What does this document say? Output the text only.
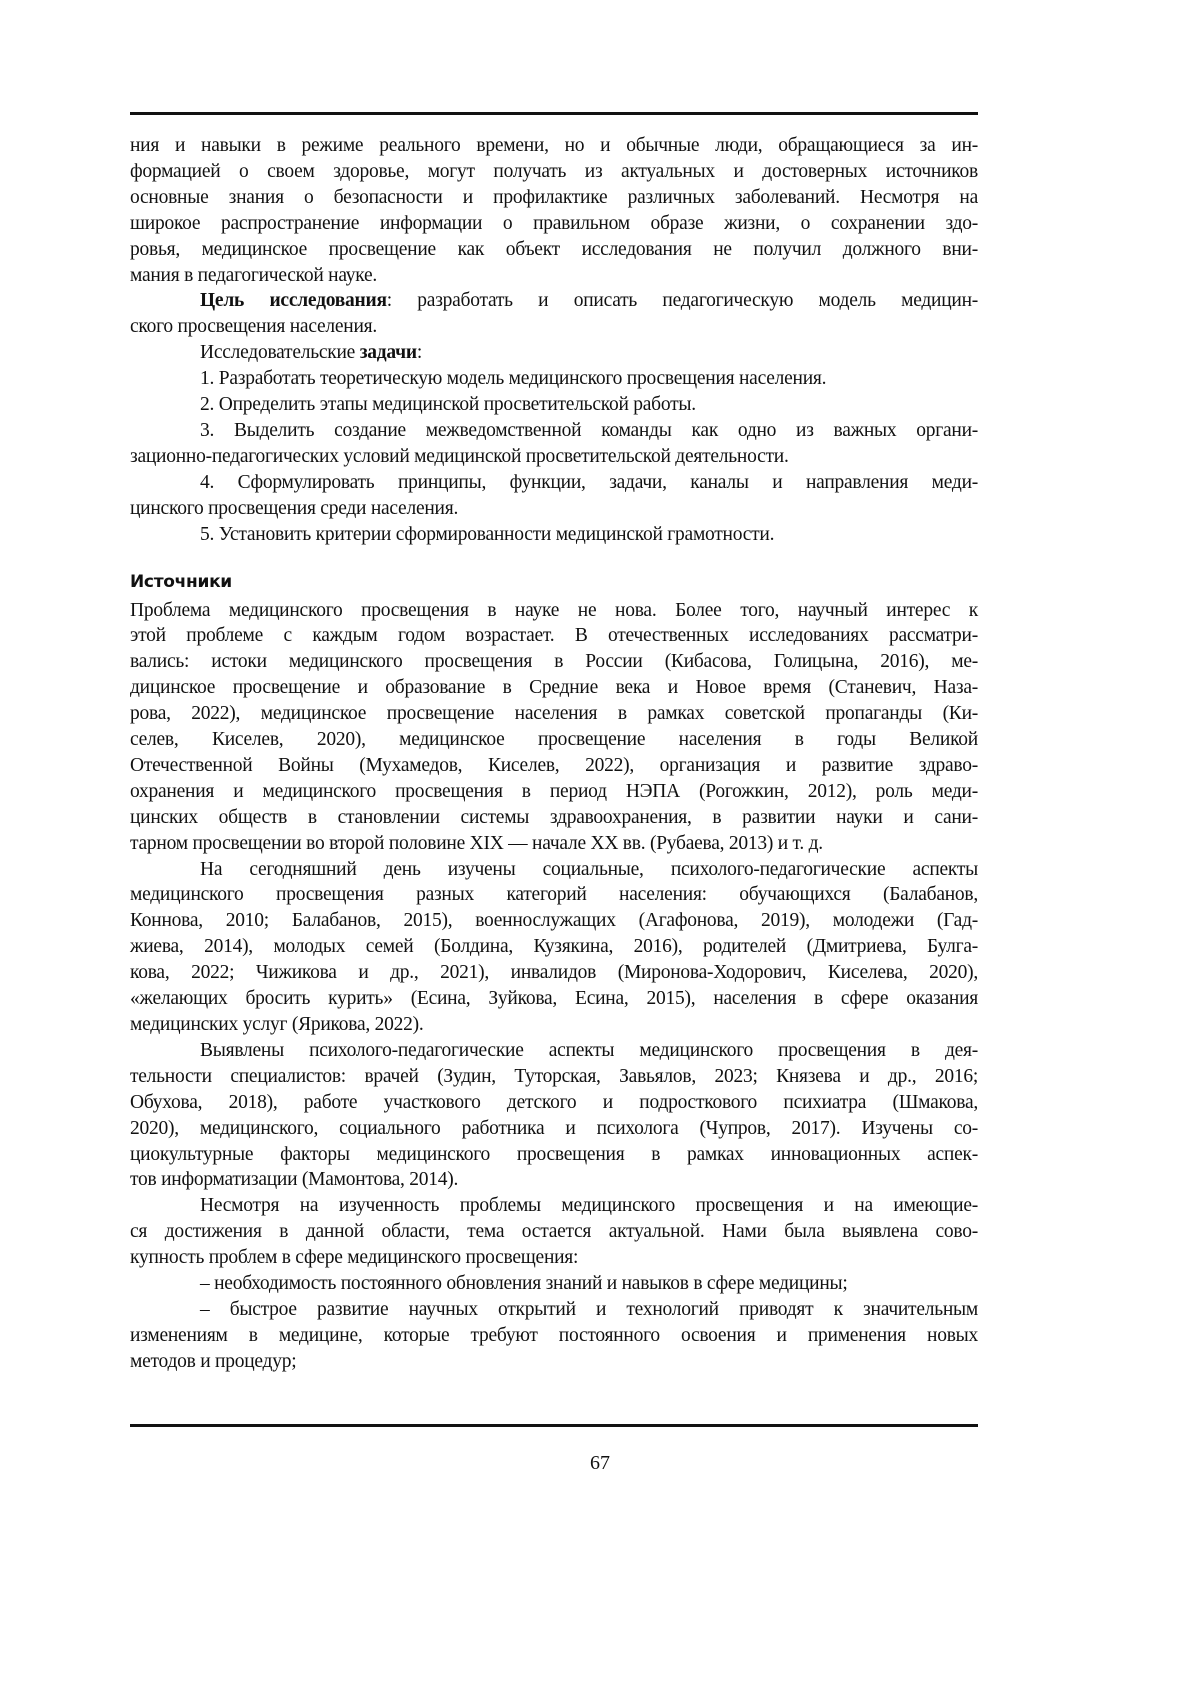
ния и навыки в режиме реального времени, но и обычные люди, обращающиеся за ин-
формацией о своем здоровье, могут получать из актуальных и достоверных источников
основные знания о безопасности и профилактике различных заболеваний. Несмотря на
широкое распространение информации о правильном образе жизни, о сохранении здо-
ровья, медицинское просвещение как объект исследования не получил должного вни-
мания в педагогической науке.
Цель исследования: разработать и описать педагогическую модель медицин-
ского просвещения населения.
Исследовательские задачи:
1. Разработать теоретическую модель медицинского просвещения населения.
2. Определить этапы медицинской просветительской работы.
3. Выделить создание межведомственной команды как одно из важных органи-
зационно-педагогических условий медицинской просветительской деятельности.
4. Сформулировать принципы, функции, задачи, каналы и направления меди-
цинского просвещения среди населения.
5. Установить критерии сформированности медицинской грамотности.
Источники
Проблема медицинского просвещения в науке не нова. Более того, научный интерес к
этой проблеме с каждым годом возрастает. В отечественных исследованиях рассматри-
вались: истоки медицинского просвещения в России (Кибасова, Голицына, 2016), ме-
дицинское просвещение и образование в Средние века и Новое время (Станевич, Наза-
рова, 2022), медицинское просвещение населения в рамках советской пропаганды (Ки-
селев, Киселев, 2020), медицинское просвещение населения в годы Великой
Отечественной Войны (Мухамедов, Киселев, 2022), организация и развитие здраво-
охранения и медицинского просвещения в период НЭПА (Рогожкин, 2012), роль меди-
цинских обществ в становлении системы здравоохранения, в развитии науки и сани-
тарном просвещении во второй половине XIX — начале XX вв. (Рубаева, 2013) и т. д.
На сегодняшний день изучены социальные, психолого-педагогические аспекты
медицинского просвещения разных категорий населения: обучающихся (Балабанов,
Коннова, 2010; Балабанов, 2015), военнослужащих (Агафонова, 2019), молодежи (Гад-
жиева, 2014), молодых семей (Болдина, Кузякина, 2016), родителей (Дмитриева, Булга-
кова, 2022; Чижикова и др., 2021), инвалидов (Миронова-Ходорович, Киселева, 2020),
«желающих бросить курить» (Есина, Зуйкова, Есина, 2015), населения в сфере оказания
медицинских услуг (Ярикова, 2022).
Выявлены психолого-педагогические аспекты медицинского просвещения в дея-
тельности специалистов: врачей (Зудин, Туторская, Завьялов, 2023; Князева и др., 2016;
Обухова, 2018), работе участкового детского и подросткового психиатра (Шмакова,
2020), медицинского, социального работника и психолога (Чупров, 2017). Изучены со-
циокультурные факторы медицинского просвещения в рамках инновационных аспек-
тов информатизации (Мамонтова, 2014).
Несмотря на изученность проблемы медицинского просвещения и на имеющие-
ся достижения в данной области, тема остается актуальной. Нами была выявлена сово-
купность проблем в сфере медицинского просвещения:
– необходимость постоянного обновления знаний и навыков в сфере медицины;
– быстрое развитие научных открытий и технологий приводят к значительным
изменениям в медицине, которые требуют постоянного освоения и применения новых
методов и процедур;
67
